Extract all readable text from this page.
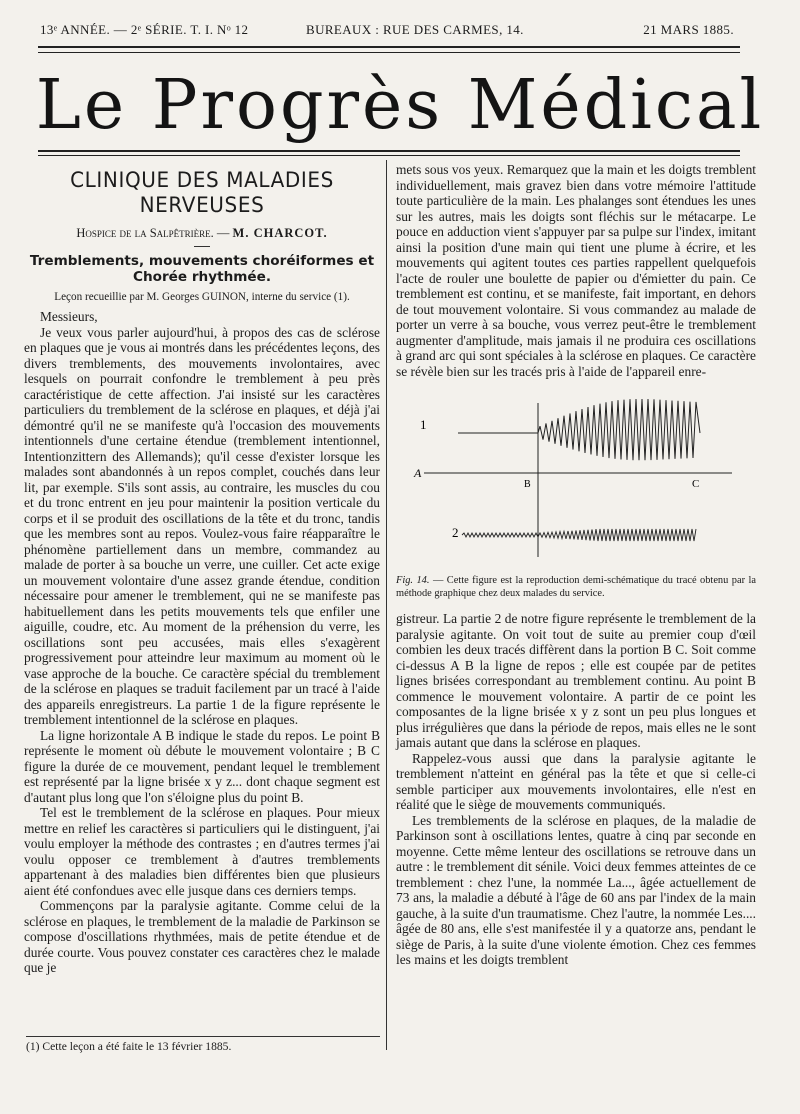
13ᵉ ANNÉE. — 2ᵉ SÉRIE. T. I. Nᵒ 12	BUREAUX : RUE DES CARMES, 14.	21 MARS 1885.
Le Progrès Médical
CLINIQUE DES MALADIES NERVEUSES
Hospice de la Salpêtrière. — M. CHARCOT.
Tremblements, mouvements choréiformes et Chorée rhythmée.
Leçon recueillie par M. Georges GUINON, interne du service (1).

Messieurs,

Je veux vous parler aujourd'hui, à propos des cas de sclérose en plaques que je vous ai montrés dans les précédentes leçons, des divers tremblements, des mouvements involontaires, avec lesquels on pourrait confondre le tremblement à peu près caractéristique de cette affection. J'ai insisté sur les caractères particuliers du tremblement de la sclérose en plaques, et déjà j'ai démontré qu'il ne se manifeste qu'à l'occasion des mouvements intentionnels d'une certaine étendue (tremblement intentionnel, Intentionzittern des Allemands); qu'il cesse d'exister lorsque les malades sont abandonnés à un repos complet, couchés dans leur lit, par exemple. S'ils sont assis, au contraire, les muscles du cou et du tronc entrent en jeu pour maintenir la position verticale du corps et il se produit des oscillations de la tête et du tronc, tandis que les membres sont au repos. Voulez-vous faire réapparaître le phénomène partiellement dans un membre, commandez au malade de porter à sa bouche un verre, une cuiller. Cet acte exige un mouvement volontaire d'une assez grande étendue, condition nécessaire pour amener le tremblement, qui ne se manifeste pas habituellement dans les petits mouvements tels que enfiler une aiguille, coudre, etc. Au moment de la préhension du verre, les oscillations sont peu accusées, mais elles s'exagèrent progressivement pour atteindre leur maximum au moment où le vase approche de la bouche. Ce caractère spécial du tremblement de la sclérose en plaques se traduit facilement par un tracé à l'aide des appareils enregistreurs. La partie 1 de la figure représente le tremblement intentionnel de la sclérose en plaques.

La ligne horizontale A B indique le stade du repos. Le point B représente le moment où débute le mouvement volontaire ; B C figure la durée de ce mouvement, pendant lequel le tremblement est représenté par la ligne brisée x y z... dont chaque segment est d'autant plus long que l'on s'éloigne plus du point B.

Tel est le tremblement de la sclérose en plaques. Pour mieux mettre en relief les caractères si particuliers qui le distinguent, j'ai voulu employer la méthode des contrastes ; en d'autres termes j'ai voulu opposer ce tremblement à d'autres tremblements appartenant à des maladies bien différentes bien que plusieurs aient été confondues avec elle jusque dans ces derniers temps.

Commençons par la paralysie agitante. Comme celui de la sclérose en plaques, le tremblement de la maladie de Parkinson se compose d'oscillations rhythmées, mais de petite étendue et de durée courte. Vous pouvez constater ces caractères chez le malade que je

(1) Cette leçon a été faite le 13 février 1885.

mets sous vos yeux. Remarquez que la main et les doigts tremblent individuellement, mais gravez bien dans votre mémoire l'attitude toute particulière de la main. Les phalanges sont étendues les unes sur les autres, mais les doigts sont fléchis sur le métacarpe. Le pouce en adduction vient s'appuyer par sa pulpe sur l'index, imitant ainsi la position d'une main qui tient une plume à écrire, et les mouvements qui agitent toutes ces parties rappellent quelquefois l'acte de rouler une boulette de papier ou d'émietter du pain. Ce tremblement est continu, et se manifeste, fait important, en dehors de tout mouvement volontaire. Si vous commandez au malade de porter un verre à sa bouche, vous verrez peut-être le tremblement augmenter d'amplitude, mais jamais il ne produira ces oscillations à grand arc qui sont spéciales à la sclérose en plaques. Ce caractère se révèle bien sur les tracés pris à l'aide de l'appareil enre-

1
A
B	C
2
Fig. 14. — Cette figure est la reproduction demi-schématique du tracé obtenu par la méthode graphique chez deux malades du service.

gistreur. La partie 2 de notre figure représente le tremblement de la paralysie agitante. On voit tout de suite au premier coup d'œil combien les deux tracés diffèrent dans la portion B C. Soit comme ci-dessus A B la ligne de repos ; elle est coupée par de petites lignes brisées correspondant au tremblement continu. Au point B commence le mouvement volontaire. A partir de ce point les composantes de la ligne brisée x y z sont un peu plus longues et plus irrégulières que dans la période de repos, mais elles ne le sont jamais autant que dans la sclérose en plaques.

Rappelez-vous aussi que dans la paralysie agitante le tremblement n'atteint en général pas la tête et que si celle-ci semble participer aux mouvements involontaires, elle n'est en réalité que le siège de mouvements communiqués.

Les tremblements de la sclérose en plaques, de la maladie de Parkinson sont à oscillations lentes, quatre à cinq par seconde en moyenne. Cette même lenteur des oscillations se retrouve dans un autre : le tremblement dit sénile. Voici deux femmes atteintes de ce tremblement : chez l'une, la nommée La..., âgée actuellement de 73 ans, la maladie a débuté à l'âge de 60 ans par l'index de la main gauche, à la suite d'un traumatisme. Chez l'autre, la nommée Les.... âgée de 80 ans, elle s'est manifestée il y a quatorze ans, pendant le siège de Paris, à la suite d'une violente émotion. Chez ces femmes les mains et les doigts tremblent
